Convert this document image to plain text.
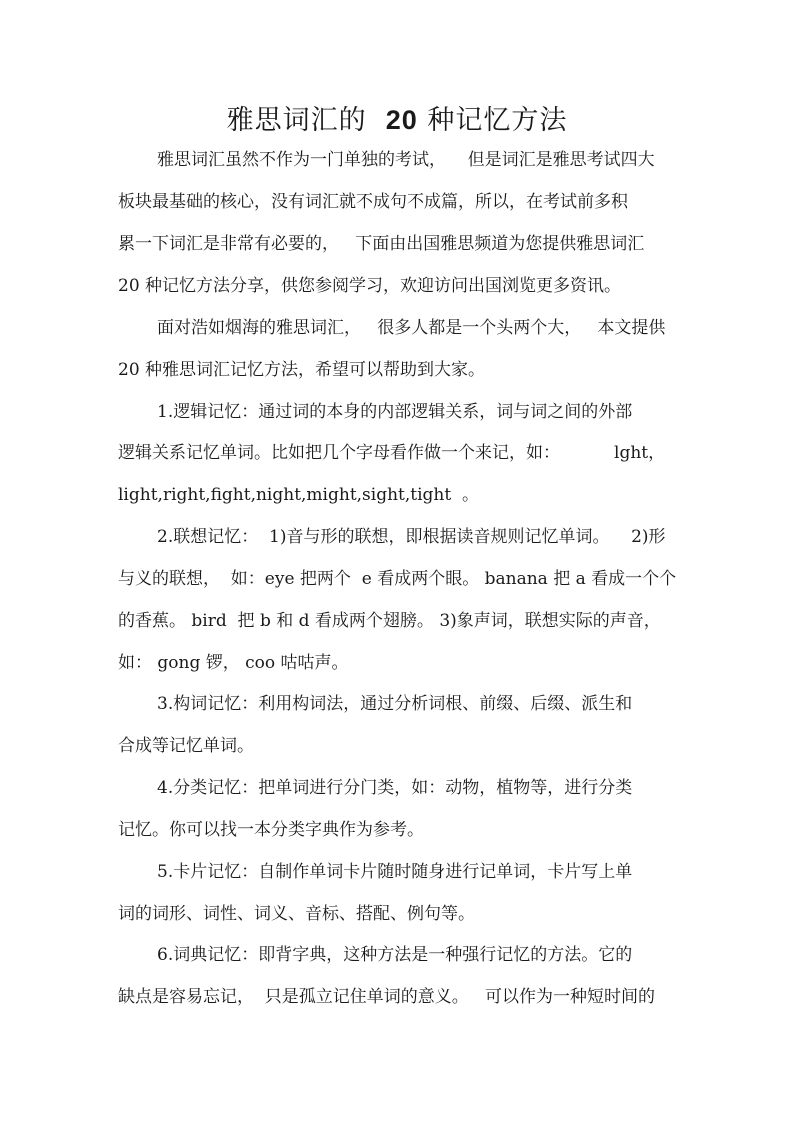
雅思词汇的 20 种记忆方法
雅思词汇虽然不作为一门单独的考试，    但是词汇是雅思考试四大
板块最基础的核心，没有词汇就不成句不成篇，所以，在考试前多积
累一下词汇是非常有必要的，   下面由出国雅思频道为您提供雅思词汇
20 种记忆方法分享，供您参阅学习，欢迎访问出国浏览更多资讯。
面对浩如烟海的雅思词汇，   很多人都是一个头两个大，   本文提供
20 种雅思词汇记忆方法，希望可以帮助到大家。
1.逻辑记忆：通过词的本身的内部逻辑关系，词与词之间的外部
逻辑关系记忆单词。比如把几个字母看作做一个来记，如：          lght，
light,right,fight,night,might,sight,tight  。
2.联想记忆：  1)音与形的联想，即根据读音规则记忆单词。    2)形
与义的联想，  如：eye 把两个  e 看成两个眼。 banana 把 a 看成一个个
的香蕉。 bird  把 b 和 d 看成两个翅膀。 3)象声词，联想实际的声音，
如： gong 锣， coo 咕咕声。
3.构词记忆：利用构词法，通过分析词根、前缀、后缀、派生和
合成等记忆单词。
4.分类记忆：把单词进行分门类，如：动物，植物等，进行分类
记忆。你可以找一本分类字典作为参考。
5.卡片记忆：自制作单词卡片随时随身进行记单词，卡片写上单
词的词形、词性、词义、音标、搭配、例句等。
6.词典记忆：即背字典，这种方法是一种强行记忆的方法。它的
缺点是容易忘记，  只是孤立记住单词的意义。   可以作为一种短时间的
